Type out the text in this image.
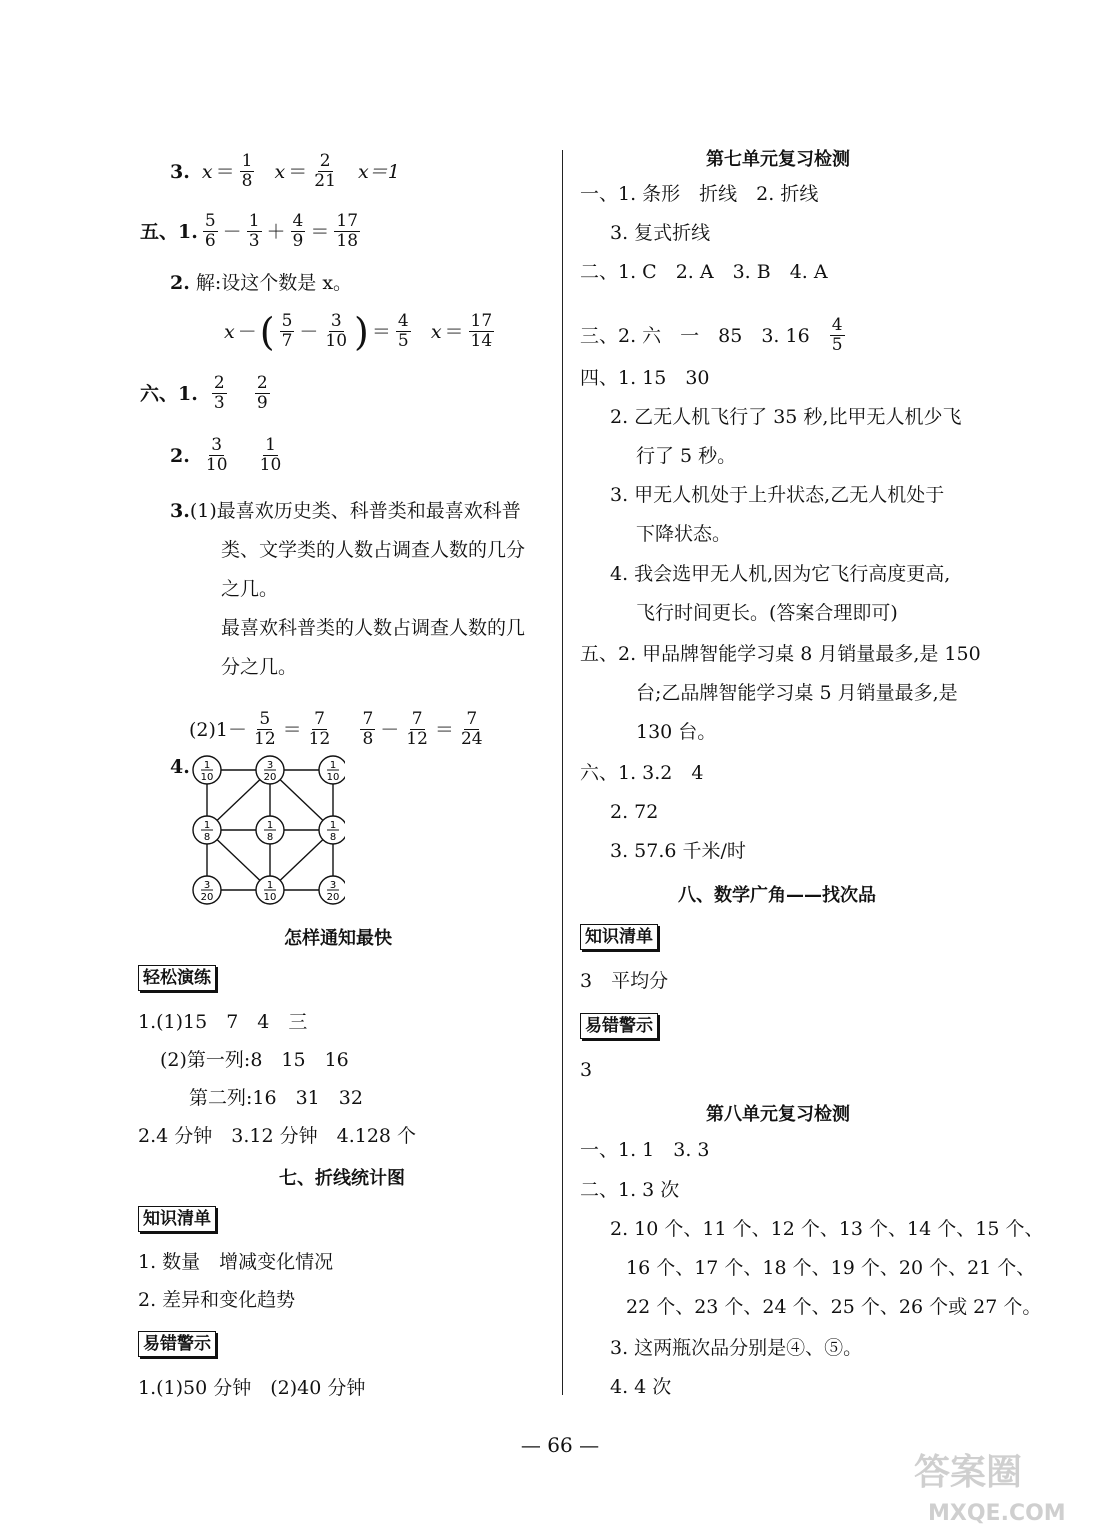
3.
$x = \frac{1}{8}$
$x = \frac{2}{21}$
x＝1
五、1. $\frac{5}{6} - \frac{1}{3} + \frac{4}{9} = \frac{17}{18}$
2. 解:设这个数是 x。
x － ( $\frac{5}{7} - \frac{3}{10}$ ) ＝ $\frac{4}{5}$
$x = \frac{17}{14}$
六、1.
$\frac{2}{3}$
$\frac{2}{9}$
2.
$\frac{3}{10}$
$\frac{1}{10}$
3.(1)最喜欢历史类、科普类和最喜欢科普
类、文学类的人数占调查人数的几分
之几。
最喜欢科普类的人数占调查人数的几
分之几。
$(2)1- \frac{5}{12} = \frac{7}{12}$
$\frac{7}{8} - \frac{7}{12} = \frac{7}{24}$
4. 1
10
3
20
1
10
1
8
1
8
1
8
3
20
1
10
3
20
怎样通知最快
轻松演练
1.(1)15　7　4　三
(2)第一列:8　15　16
第二列:16　31　32
2.4 分钟　3.12 分钟　4.128 个
七、折线统计图
知识清单
1. 数量　增减变化情况
2. 差异和变化趋势
易错警示
1.(1)50 分钟　(2)40 分钟
第七单元复习检测
一、1. 条形　折线　2. 折线
3. 复式折线
二、1. C　2. A　3. B　4. A
三、2. 六　一　85　3. 16
$\frac{4}{5}$
四、1. 15　30
2. 乙无人机飞行了 35 秒,比甲无人机少飞
行了 5 秒。
3. 甲无人机处于上升状态,乙无人机处于
下降状态。
4. 我会选甲无人机,因为它飞行高度更高,
飞行时间更长。(答案合理即可)
五、2. 甲品牌智能学习桌 8 月销量最多,是 150
台;乙品牌智能学习桌 5 月销量最多,是
130 台。
六、1. 3.2　4
2. 72
3. 57.6 千米/时
八、数学广角——找次品
知识清单
3　平均分
易错警示
3
第八单元复习检测
一、1. 1　3. 3
二、1. 3 次
2. 10 个、11 个、12 个、13 个、14 个、15 个、
16 个、17 个、18 个、19 个、20 个、21 个、
22 个、23 个、24 个、25 个、26 个或 27 个。
3. 这两瓶次品分别是④、⑤。
4. 4 次
— 66 —
答案圈
MXQE.COM
